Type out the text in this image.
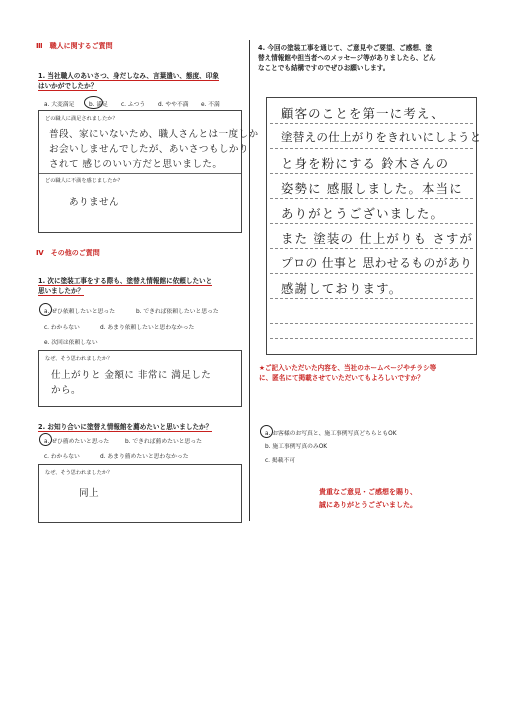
Ⅲ　職人に関するご質問
1. 当社職人のあいさつ、身だしなみ、言葉遣い、態度、印象
はいかがでしたか？
a. 大変満足	b. 満足 c. ふつう d. やや不満 e. 不満
どの職人に満足されましたか？
普段、家にいないため、職人さんとは一度しか
お会いしませんでしたが、あいさつもしかり
されて 感じのいい方だと思いました。
どの職人に不満を感じましたか？
ありません
Ⅳ　その他のご質問
1. 次に塗装工事をする際も、塗替え情報館に依頼したいと
思いましたか？
a. ぜひ依頼したいと思った	b. できれば依頼したいと思った
c. わからない	d. あまり依頼したいと思わなかった
e. 次回は依頼しない
なぜ、そう思われましたか？
仕上がりと 金額に 非常に 満足した
から。
2. お知り合いに塗替え情報館を薦めたいと思いましたか？
a. ぜひ薦めたいと思った	b. できれば薦めたいと思った
c. わからない	d. あまり薦めたいと思わなかった
なぜ、そう思われましたか？
同上
4. 今回の塗装工事を通じて、ご意見やご要望、ご感想、塗
替え情報館や担当者へのメッセージ等がありましたら、どん
なことでも結構ですのでぜひお願いします。
顧客のことを第一に考え、
塗替えの仕上がりをきれいにしようと
と身を粉にする 鈴木さんの
姿勢に 感服しました。本当に
ありがとうございました。
また 塗装の 仕上がりも さすが
プロの 仕事と 思わせるものがあり
感謝しております。
★ご記入いただいた内容を、当社のホームページやチラシ等
に、匿名にて掲載させていただいてもよろしいですか？
a. お客様のお写真と、施工事例写真どちらともOK
b. 施工事例写真のみOK
c. 掲載不可
貴重なご意見・ご感想を賜り、
誠にありがとうございました。
